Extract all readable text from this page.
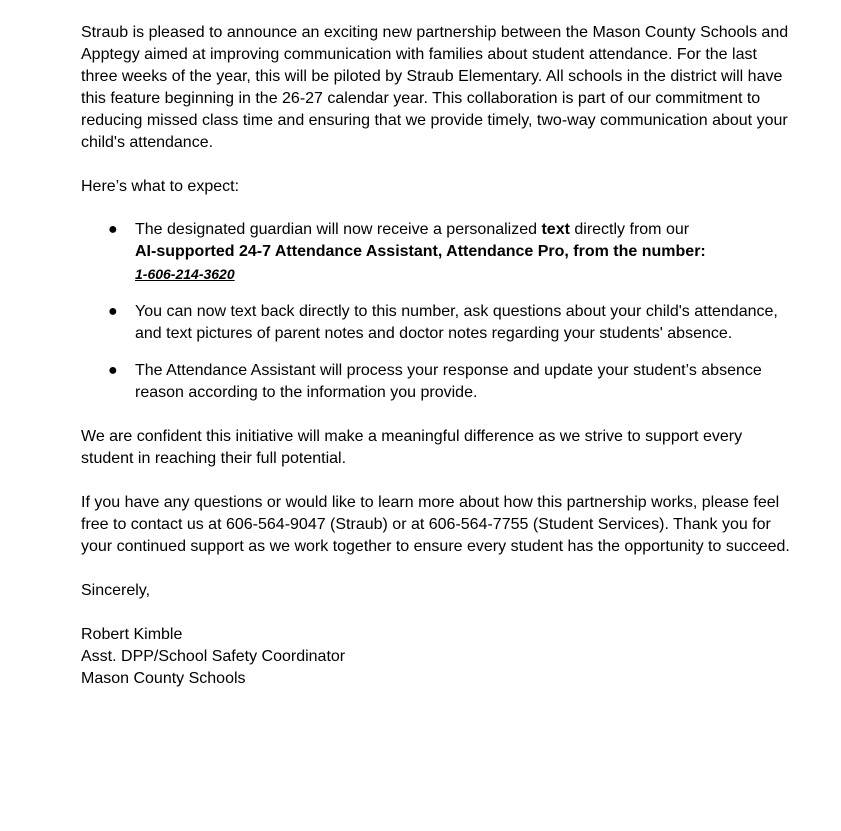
Straub is pleased to announce an exciting new partnership between the Mason County Schools and Apptegy aimed at improving communication with families about student attendance. For the last three weeks of the year, this will be piloted by Straub Elementary. All schools in the district will have this feature beginning in the 26-27 calendar year. This collaboration is part of our commitment to reducing missed class time and ensuring that we provide timely, two-way communication about your child's attendance.

Here’s what to expect:

● The designated guardian will now receive a personalized text directly from our
AI-supported 24-7 Attendance Assistant, Attendance Pro, from the number:
1-606-214-3620
● You can now text back directly to this number, ask questions about your child's attendance, and text pictures of parent notes and doctor notes regarding your students' absence.
● The Attendance Assistant will process your response and update your student’s absence reason according to the information you provide.

We are confident this initiative will make a meaningful difference as we strive to support every student in reaching their full potential.

If you have any questions or would like to learn more about how this partnership works, please feel free to contact us at 606-564-9047 (Straub) or at 606-564-7755 (Student Services). Thank you for your continued support as we work together to ensure every student has the opportunity to succeed.

Sincerely,

Robert Kimble
Asst. DPP/School Safety Coordinator
Mason County Schools
